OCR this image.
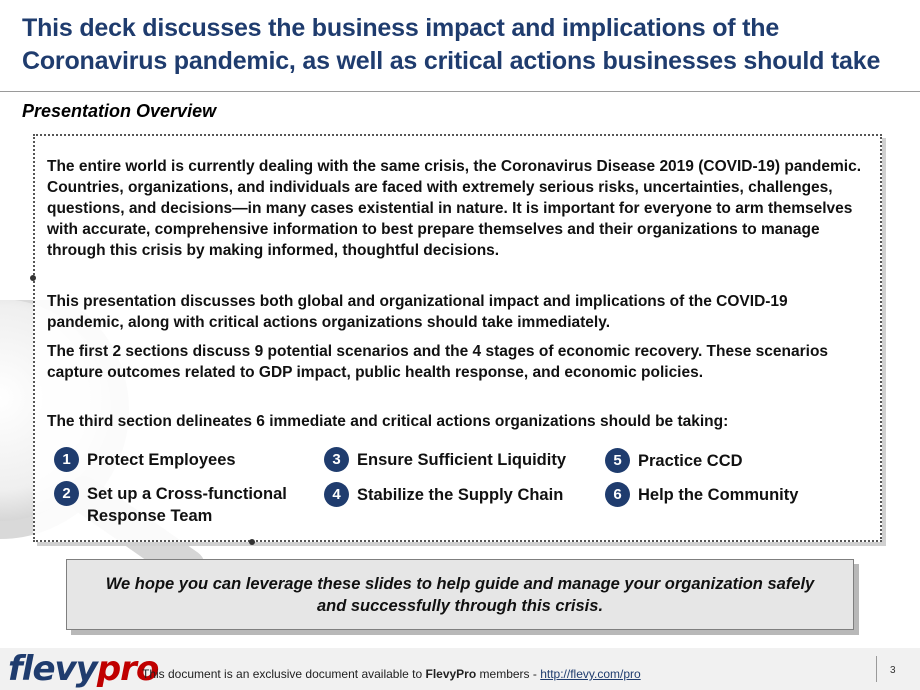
This deck discusses the business impact and implications of the Coronavirus pandemic, as well as critical actions businesses should take
Presentation Overview
The entire world is currently dealing with the same crisis, the Coronavirus Disease 2019 (COVID-19) pandemic. Countries, organizations, and individuals are faced with extremely serious risks, uncertainties, challenges, questions, and decisions—in many cases existential in nature. It is important for everyone to arm themselves with accurate, comprehensive information to best prepare themselves and their organizations to manage through this crisis by making informed, thoughtful decisions.
This presentation discusses both global and organizational impact and implications of the COVID-19 pandemic, along with critical actions organizations should take immediately.
The first 2 sections discuss 9 potential scenarios and the 4 stages of economic recovery. These scenarios capture outcomes related to GDP impact, public health response, and economic policies.
The third section delineates 6 immediate and critical actions organizations should be taking:
1 Protect Employees
2 Set up a Cross-functional Response Team
3 Ensure Sufficient Liquidity
4 Stabilize the Supply Chain
5 Practice CCD
6 Help the Community
We hope you can leverage these slides to help guide and manage your organization safely and successfully through this crisis.
flevypro
This document is an exclusive document available to FlevyPro members - http://flevy.com/pro	3
